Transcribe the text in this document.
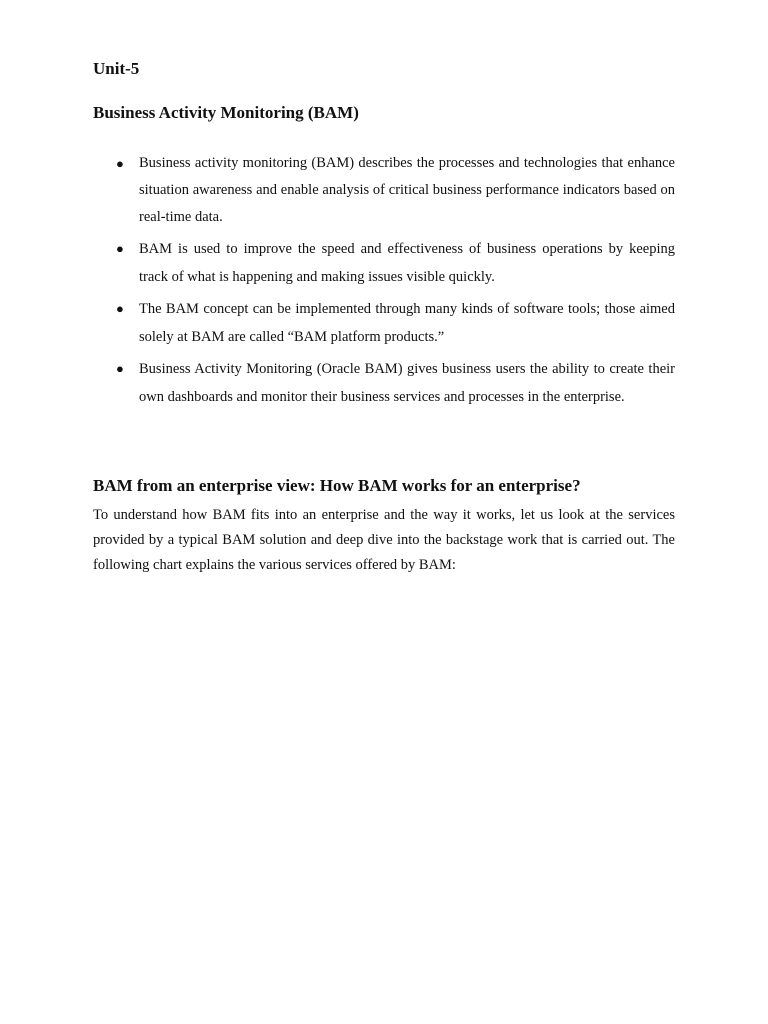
Unit-5
Business Activity Monitoring (BAM)
● Business activity monitoring (BAM) describes the processes and technologies that enhance situation awareness and enable analysis of critical business performance indicators based on real-time data.
● BAM is used to improve the speed and effectiveness of business operations by keeping track of what is happening and making issues visible quickly.
● The BAM concept can be implemented through many kinds of software tools; those aimed solely at BAM are called “BAM platform products.”
● Business Activity Monitoring (Oracle BAM) gives business users the ability to create their own dashboards and monitor their business services and processes in the enterprise.
BAM from an enterprise view: How BAM works for an enterprise?

To understand how BAM fits into an enterprise and the way it works, let us look at the services provided by a typical BAM solution and deep dive into the backstage work that is carried out. The following chart explains the various services offered by BAM:
